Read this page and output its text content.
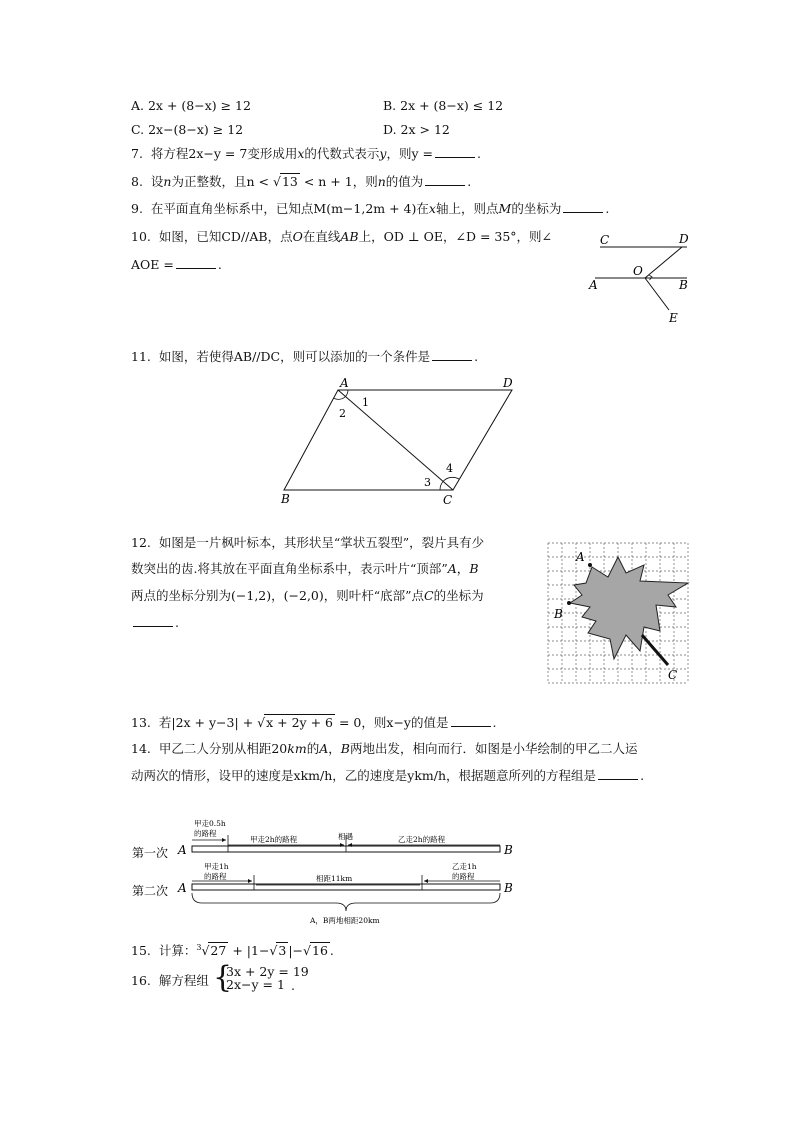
A. 2x + (8−x) ≥ 12	B. 2x + (8−x) ≤ 12
C. 2x−(8−x) ≥ 12	D. 2x > 12
7. 将方程2x−y = 7变形成用x的代数式表示y，则y =	.
8. 设n为正整数，且n < √13 < n + 1，则n的值为	.
9. 在平面直角坐标系中，已知点M(m−1,2m + 4)在x轴上，则点M的坐标为	.
10. 如图，已知CD//AB，点O在直线AB上，OD ⊥ OE，∠D = 35°，则∠
AOE =	.
C	D
O
A	B
E
11. 如图，若使得AB//DC，则可以添加的一个条件是	.
A	D
B	C
1
2
3
4
12. 如图是一片枫叶标本，其形状呈“掌状五裂型”，裂片具有少
数突出的齿.将其放在平面直角坐标系中，表示叶片“顶部”A，B
两点的坐标分别为(−1,2)，(−2,0)，则叶杆“底部”点C的坐标为
.
A
B
C
13. 若|2x + y−3| + √x + 2y + 6 = 0，则x−y的值是	.
14. 甲乙二人分别从相距20km的A，B两地出发，相向而行．如图是小华绘制的甲乙二人运
动两次的情形，设甲的速度是xkm/h，乙的速度是ykm/h，根据题意所列的方程组是	.
第一次 A	B
甲走0.5h
的路程
甲走2h的路程	相遇	乙走2h的路程
第二次 A	B
甲走1h
的路程	相距11km
乙走1h
的路程
A，B两地相距20km
15. 计算：$^3$√27 + |1−√3 |−√16 .
16. 解方程组 {
3x + 2y = 19
2x−y = 1 .
